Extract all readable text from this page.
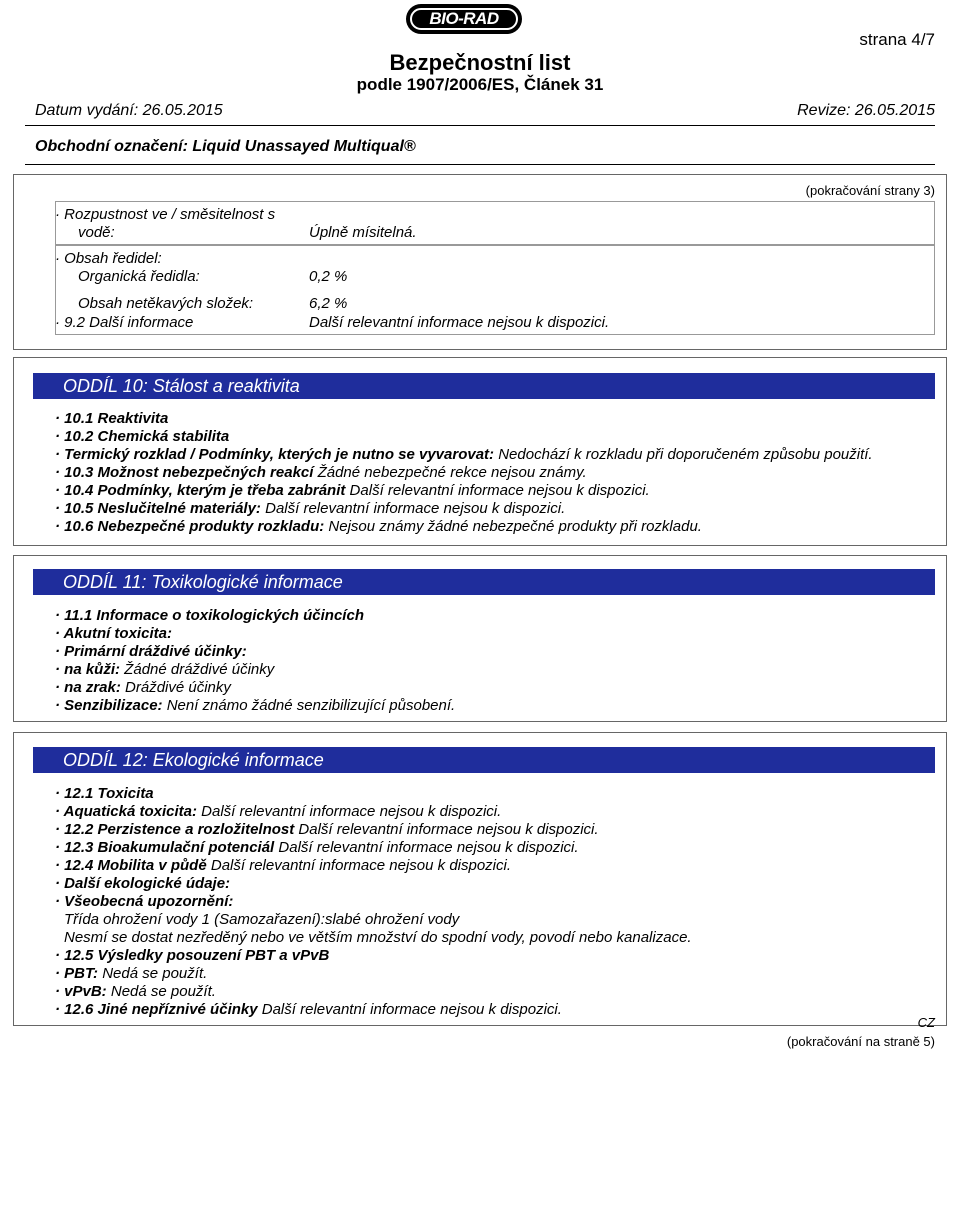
BIO-RAD
strana 4/7
Bezpečnostní list
podle 1907/2006/ES, Článek 31
Datum vydání: 26.05.2015	Revize: 26.05.2015
Obchodní označení: Liquid Unassayed Multiqual®
(pokračování strany 3)
· Rozpustnost ve / směsitelnost s
vodě:	Úplně mísitelná.
· Obsah ředidel:
Organická ředidla:	0,2 %
Obsah netěkavých složek:	6,2 %
· 9.2 Další informace	Další relevantní informace nejsou k dispozici.
ODDÍL 10: Stálost a reaktivita
· 10.1 Reaktivita
· 10.2 Chemická stabilita
· Termický rozklad / Podmínky, kterých je nutno se vyvarovat: Nedochází k rozkladu při doporučeném způsobu použití.
· 10.3 Možnost nebezpečných reakcí Žádné nebezpečné rekce nejsou známy.
· 10.4 Podmínky, kterým je třeba zabránit Další relevantní informace nejsou k dispozici.
· 10.5 Neslučitelné materiály: Další relevantní informace nejsou k dispozici.
· 10.6 Nebezpečné produkty rozkladu: Nejsou známy žádné nebezpečné produkty při rozkladu.
ODDÍL 11: Toxikologické informace
· 11.1 Informace o toxikologických účincích
· Akutní toxicita:
· Primární dráždivé účinky:
· na kůži: Žádné dráždivé účinky
· na zrak: Dráždivé účinky
· Senzibilizace: Není známo žádné senzibilizující působení.
ODDÍL 12: Ekologické informace
· 12.1 Toxicita
· Aquatická toxicita: Další relevantní informace nejsou k dispozici.
· 12.2 Perzistence a rozložitelnost Další relevantní informace nejsou k dispozici.
· 12.3 Bioakumulační potenciál Další relevantní informace nejsou k dispozici.
· 12.4 Mobilita v půdě Další relevantní informace nejsou k dispozici.
· Další ekologické údaje:
· Všeobecná upozornění:
Třída ohrožení vody 1 (Samozařazení):slabé ohrožení vody
Nesmí se dostat nezředěný nebo ve větším množství do spodní vody, povodí nebo kanalizace.
· 12.5 Výsledky posouzení PBT a vPvB
· PBT: Nedá se použít.
· vPvB: Nedá se použít.
· 12.6 Jiné nepříznivé účinky Další relevantní informace nejsou k dispozici.
CZ
(pokračování na straně 5)
